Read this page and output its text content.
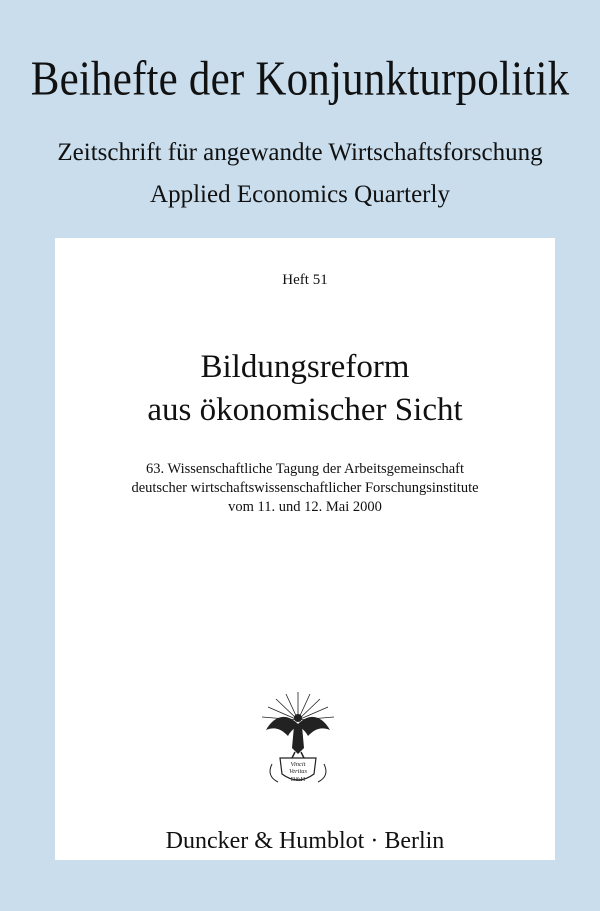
Beihefte der Konjunkturpolitik

Zeitschrift für angewandte Wirtschaftsforschung

Applied Economics Quarterly

Heft 51

Bildungsreform
aus ökonomischer Sicht

63. Wissenschaftliche Tagung der Arbeitsgemeinschaft
deutscher wirtschaftswissenschaftlicher Forschungsinstitute
vom 11. und 12. Mai 2000

Vincit
Veritas
D&H

Duncker & Humblot · Berlin
